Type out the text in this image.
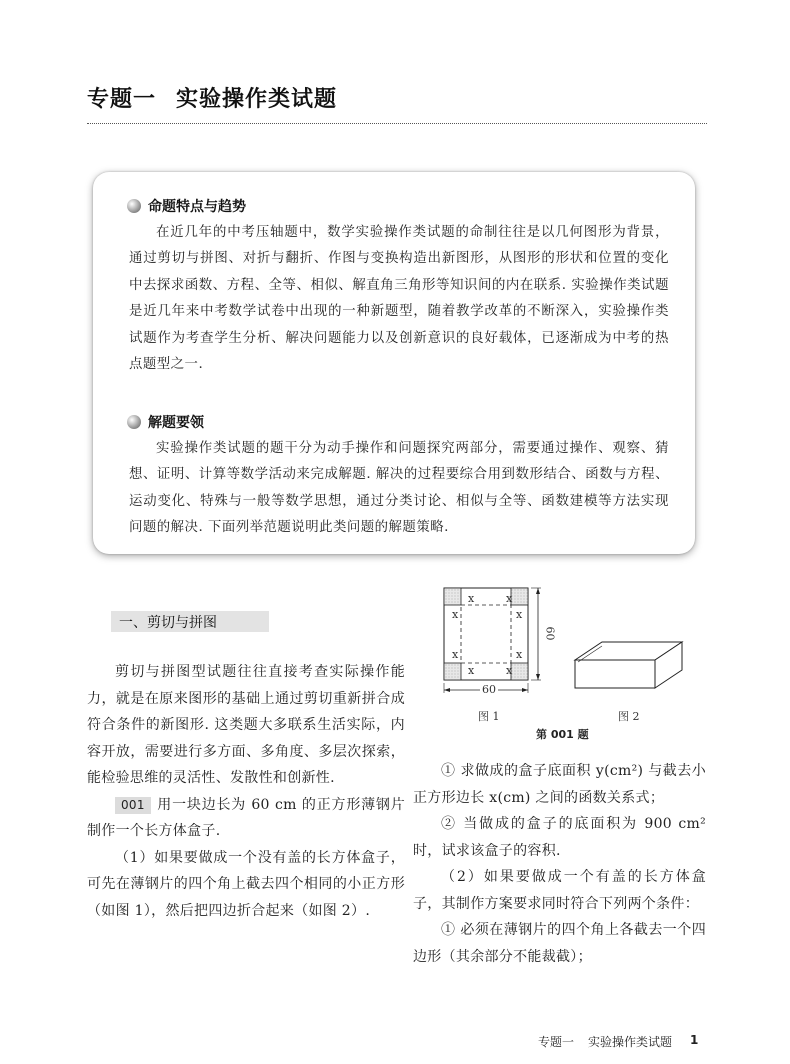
专题一 实验操作类试题
命题特点与趋势
在近几年的中考压轴题中，数学实验操作类试题的命制往往是以几何图形为背景，通过剪切与拼图、对折与翻折、作图与变换构造出新图形，从图形的形状和位置的变化中去探求函数、方程、全等、相似、解直角三角形等知识间的内在联系. 实验操作类试题是近几年来中考数学试卷中出现的一种新题型，随着教学改革的不断深入，实验操作类试题作为考查学生分析、解决问题能力以及创新意识的良好载体，已逐渐成为中考的热点题型之一.
解题要领
实验操作类试题的题干分为动手操作和问题探究两部分，需要通过操作、观察、猜想、证明、计算等数学活动来完成解题. 解决的过程要综合用到数形结合、函数与方程、运动变化、特殊与一般等数学思想，通过分类讨论、相似与全等、函数建模等方法实现问题的解决. 下面列举范题说明此类问题的解题策略.
一、剪切与拼图

剪切与拼图型试题往往直接考查实际操作能力，就是在原来图形的基础上通过剪切重新拼合成符合条件的新图形. 这类题大多联系生活实际，内容开放，需要进行多方面、多角度、多层次探索，能检验思维的灵活性、发散性和创新性.

001 用一块边长为 60 cm 的正方形薄钢片制作一个长方体盒子.

（1）如果要做成一个没有盖的长方体盒子，可先在薄钢片的四个角上截去四个相同的小正方形（如图 1），然后把四边折合起来（如图 2）.

x	x
x	x
x	x
x	x
60
60
图 1	图 2
第 001 题

① 求做成的盒子底面积 y(cm²) 与截去小正方形边长 x(cm) 之间的函数关系式；

② 当做成的盒子的底面积为 900 cm² 时，试求该盒子的容积.

（2）如果要做成一个有盖的长方体盒子，其制作方案要求同时符合下列两个条件：

① 必须在薄钢片的四个角上各截去一个四边形（其余部分不能裁截）；

专题一 实验操作类试题 1
